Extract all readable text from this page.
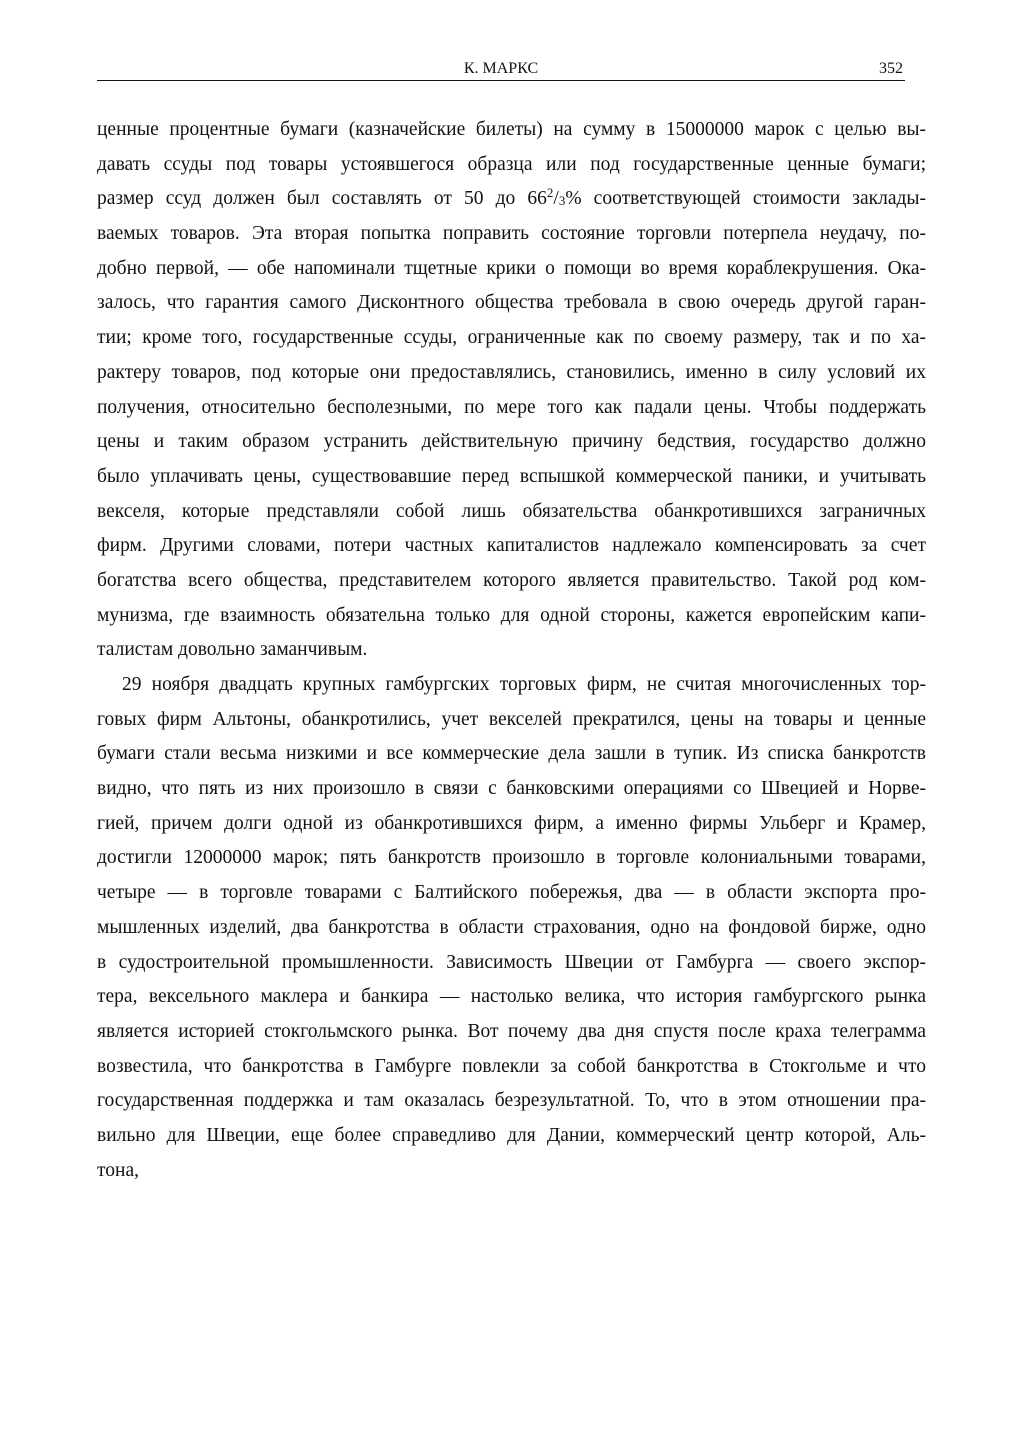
К. МАРКС	352
ценные процентные бумаги (казначейские билеты) на сумму в 15000000 марок с целью вы-
давать ссуды под товары устоявшегося образца или под государственные ценные бумаги;
размер ссуд должен был составлять от 50 до $66^2/3\%$ соответствующей стоимости заклады-
ваемых товаров. Эта вторая попытка поправить состояние торговли потерпела неудачу, по-
добно первой, — обе напоминали тщетные крики о помощи во время кораблекрушения. Ока-
залось, что гарантия самого Дисконтного общества требовала в свою очередь другой гаран-
тии; кроме того, государственные ссуды, ограниченные как по своему размеру, так и по ха-
рактеру товаров, под которые они предоставлялись, становились, именно в силу условий их
получения, относительно бесполезными, по мере того как падали цены. Чтобы поддержать
цены и таким образом устранить действительную причину бедствия, государство должно
было уплачивать цены, существовавшие перед вспышкой коммерческой паники, и учитывать
векселя, которые представляли собой лишь обязательства обанкротившихся заграничных
фирм. Другими словами, потери частных капиталистов надлежало компенсировать за счет
богатства всего общества, представителем которого является правительство. Такой род ком-
мунизма, где взаимность обязательна только для одной стороны, кажется европейским капи-
талистам довольно заманчивым.
29 ноября двадцать крупных гамбургских торговых фирм, не считая многочисленных тор-
говых фирм Альтоны, обанкротились, учет векселей прекратился, цены на товары и ценные
бумаги стали весьма низкими и все коммерческие дела зашли в тупик. Из списка банкротств
видно, что пять из них произошло в связи с банковскими операциями со Швецией и Норве-
гией, причем долги одной из обанкротившихся фирм, а именно фирмы Ульберг и Крамер,
достигли 12000000 марок; пять банкротств произошло в торговле колониальными товарами,
четыре — в торговле товарами с Балтийского побережья, два — в области экспорта про-
мышленных изделий, два банкротства в области страхования, одно на фондовой бирже, одно
в судостроительной промышленности. Зависимость Швеции от Гамбурга — своего экспор-
тера, вексельного маклера и банкира — настолько велика, что история гамбургского рынка
является историей стокгольмского рынка. Вот почему два дня спустя после краха телеграмма
возвестила, что банкротства в Гамбурге повлекли за собой банкротства в Стокгольме и что
государственная поддержка и там оказалась безрезультатной. То, что в этом отношении пра-
вильно для Швеции, еще более справедливо для Дании, коммерческий центр которой, Аль-
тона,
